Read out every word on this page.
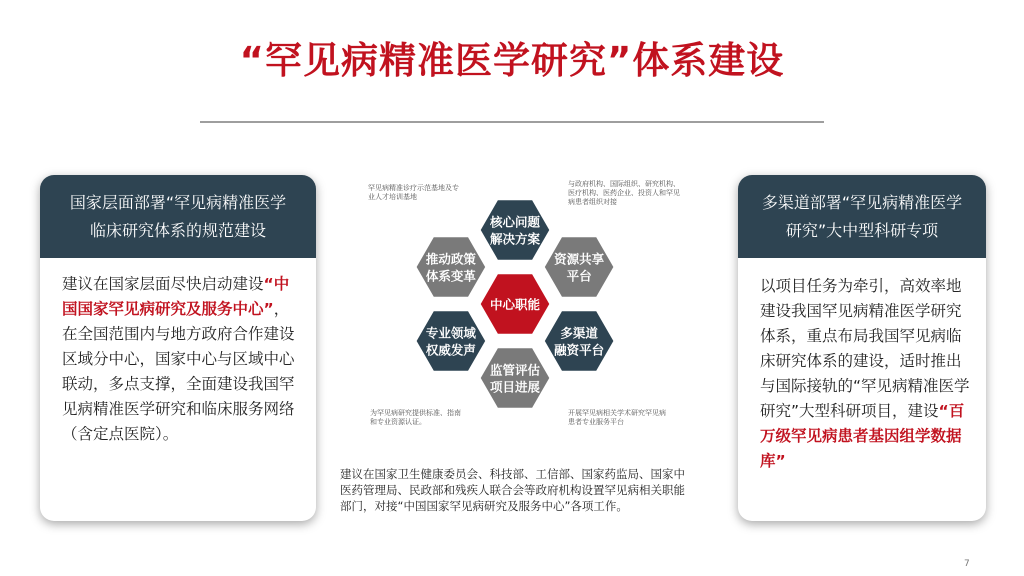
“罕见病精准医学研究”体系建设
国家层面部署“罕见病精准医学
临床研究体系的规范建设
建议在国家层面尽快启动建设“中国国家罕见病研究及服务中心”，在全国范围内与地方政府合作建设区域分中心，国家中心与区域中心联动，多点支撑，全面建设我国罕见病精准医学研究和临床服务网络（含定点医院）。
核心问题
解决方案
资源共享
平台
多渠道
融资平台
监管评估
项目进展
专业领域
权威发声
推动政策
体系变革
中心职能
罕见病精准诊疗示范基地及专业人才培训基地
与政府机构、国际组织、研究机构、医疗机构、医药企业、投资人和罕见病患者组织对接
为罕见病研究提供标准、指南和专业资源认证。
开展罕见病相关学术研究罕见病患者专业服务平台
建议在国家卫生健康委员会、科技部、工信部、国家药监局、国家中医药管理局、民政部和残疾人联合会等政府机构设置罕见病相关职能部门，对接“中国国家罕见病研究及服务中心”各项工作。
多渠道部署“罕见病精准医学
研究”大中型科研专项
以项目任务为牵引，高效率地建设我国罕见病精准医学研究体系，重点布局我国罕见病临床研究体系的建设，适时推出与国际接轨的“罕见病精准医学研究”大型科研项目，建设“百万级罕见病患者基因组学数据库”
7
